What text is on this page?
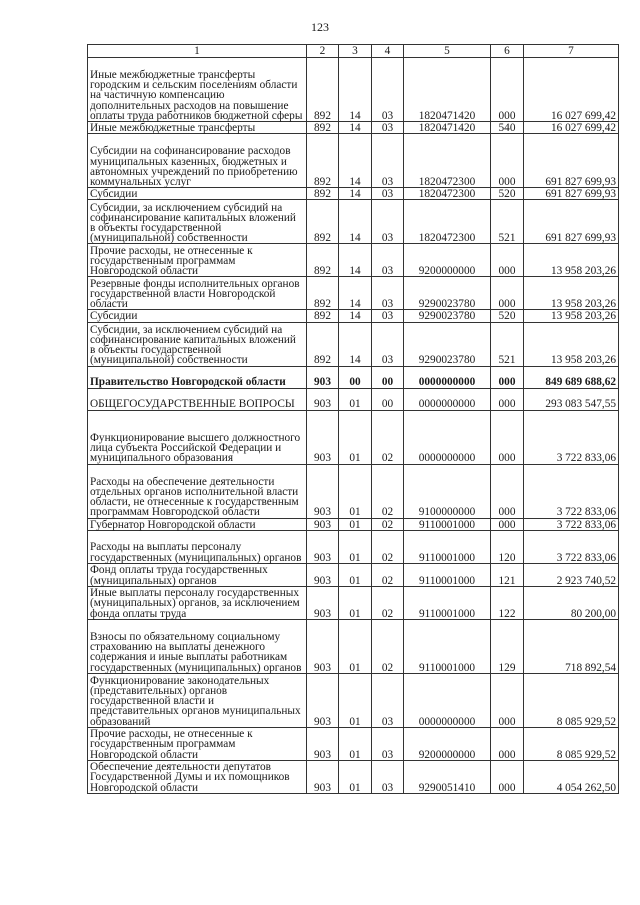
123
1	2	3	4	5	6	7
Иные межбюджетные трансферты городским и сельским поселениям области на частичную компенсацию дополнительных расходов на повышение оплаты труда работников бюджетной сферы	892	14	03	1820471420	000	16 027 699,42
Иные межбюджетные трансферты	892	14	03	1820471420	540	16 027 699,42
Субсидии на софинансирование расходов муниципальных казенных, бюджетных и автономных учреждений по приобретению коммунальных услуг	892	14	03	1820472300	000	691 827 699,93
Субсидии	892	14	03	1820472300	520	691 827 699,93
Субсидии, за исключением субсидий на софинансирование капитальных вложений в объекты государственной (муниципальной) собственности	892	14	03	1820472300	521	691 827 699,93
Прочие расходы, не отнесенные к государственным программам Новгородской области	892	14	03	9200000000	000	13 958 203,26
Резервные фонды исполнительных органов государственной власти Новгородской области	892	14	03	9290023780	000	13 958 203,26
Субсидии	892	14	03	9290023780	520	13 958 203,26
Субсидии, за исключением субсидий на софинансирование капитальных вложений в объекты государственной (муниципальной) собственности	892	14	03	9290023780	521	13 958 203,26
Правительство Новгородской области	903	00	00	0000000000	000	849 689 688,62
ОБЩЕГОСУДАРСТВЕННЫЕ ВОПРОСЫ	903	01	00	0000000000	000	293 083 547,55
Функционирование высшего должностного лица субъекта Российской Федерации и муниципального образования	903	01	02	0000000000	000	3 722 833,06
Расходы на обеспечение деятельности отдельных органов исполнительной власти области, не отнесенные к государственным программам Новгородской области	903	01	02	9100000000	000	3 722 833,06
Губернатор Новгородской области	903	01	02	9110001000	000	3 722 833,06
Расходы на выплаты персоналу государственных (муниципальных) органов	903	01	02	9110001000	120	3 722 833,06
Фонд оплаты труда государственных (муниципальных) органов	903	01	02	9110001000	121	2 923 740,52
Иные выплаты персоналу государственных (муниципальных) органов, за исключением фонда оплаты труда	903	01	02	9110001000	122	80 200,00
Взносы по обязательному социальному страхованию на выплаты денежного содержания и иные выплаты работникам государственных (муниципальных) органов	903	01	02	9110001000	129	718 892,54
Функционирование законодательных (представительных) органов государственной власти и представительных органов муниципальных образований	903	01	03	0000000000	000	8 085 929,52
Прочие расходы, не отнесенные к государственным программам Новгородской области	903	01	03	9200000000	000	8 085 929,52
Обеспечение деятельности депутатов Государственной Думы и их помощников Новгородской области	903	01	03	9290051410	000	4 054 262,50
